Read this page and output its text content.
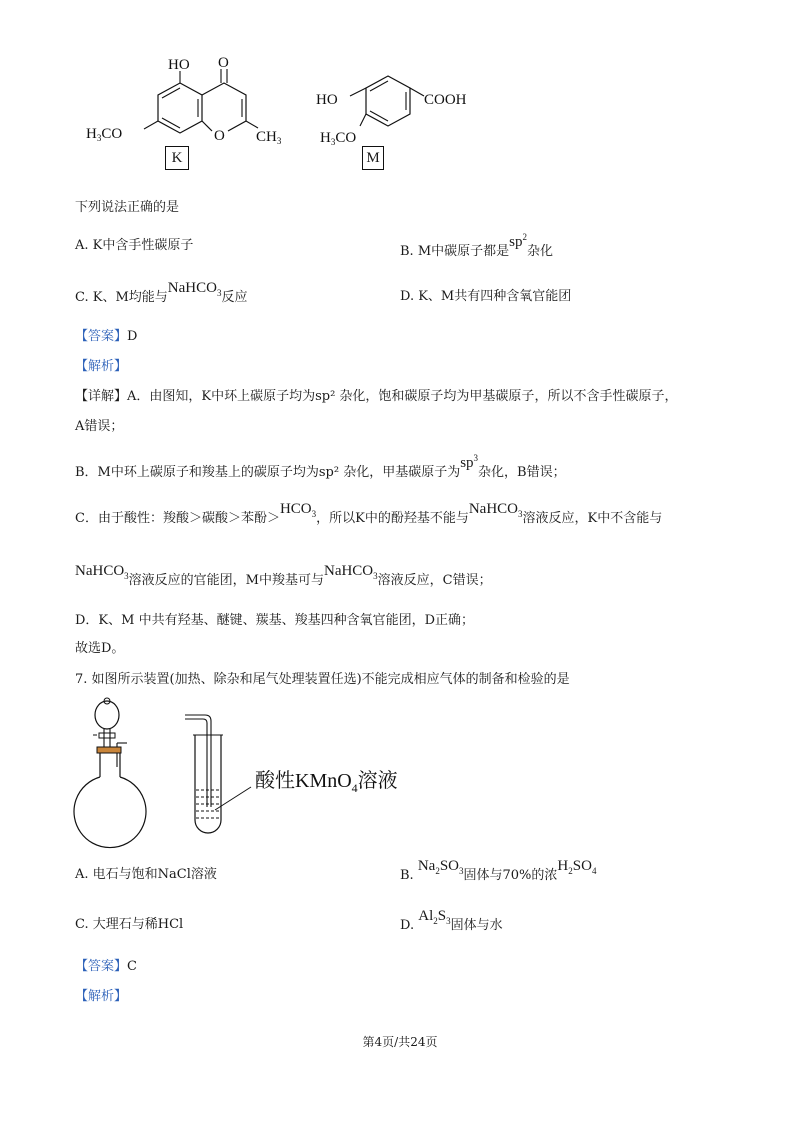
HO O
O
$H_3CO$	$CH_3$
K
HO	COOH
$H_3CO$
M
下列说法正确的是
A. K中含手性碳原子	B. M中碳原子都是$sp^2$杂化
C. K、M均能与NaHCO$_3$反应	D. K、M共有四种含氧官能团
【答案】D
【解析】
【详解】A．由图知，K中环上碳原子均为sp² 杂化，饱和碳原子均为甲基碳原子，所以不含手性碳原子，
A错误；
B．M中环上碳原子和羧基上的碳原子均为sp² 杂化，甲基碳原子为$sp^3$杂化，B错误；
C．由于酸性：羧酸＞碳酸＞苯酚$>HCO_3$，所以K中的酚羟基不能与NaHCO$_3$溶液反应，K中不含能与
NaHCO$_3$溶液反应的官能团，M中羧基可与NaHCO$_3$溶液反应，C错误；
D．K、M 中共有羟基、醚键、羰基、羧基四种含氧官能团，D正确；
故选D。
7. 如图所示装置(加热、除杂和尾气处理装置任选)不能完成相应气体的制备和检验的是
酸性KMnO$_4$溶液
A. 电石与饱和NaCl溶液	B. $Na_2SO_3$固体与70%的浓$H_2SO_4$
C. 大理石与稀HCl	D. $Al_2S_3$固体与水
【答案】C
【解析】
第4页/共24页
